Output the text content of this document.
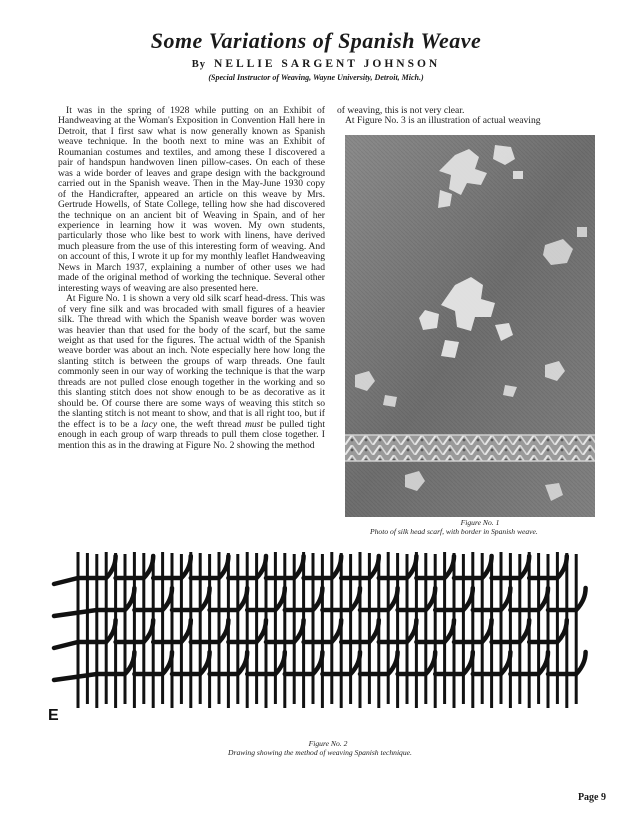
Some Variations of Spanish Weave
By NELLIE SARGENT JOHNSON
(Special Instructor of Weaving, Wayne University, Detroit, Mich.)

It was in the spring of 1928 while putting on an Exhibit of Handweaving at the Woman's Exposition in Convention Hall here in Detroit, that I first saw what is now generally known as Spanish weave technique. In the booth next to mine was an Exhibit of Roumanian costumes and textiles, and among these I discovered a pair of handspun handwoven linen pillow-cases. On each of these was a wide border of leaves and grape design with the background carried out in the Spanish weave. Then in the May-June 1930 copy of the Handicrafter, appeared an article on this weave by Mrs. Gertrude Howells, of State College, telling how she had discovered the technique on an ancient bit of Weaving in Spain, and of her experience in learning how it was woven. My own students, particularly those who like best to work with linens, have derived much pleasure from the use of this interesting form of weaving. And on account of this, I wrote it up for my monthly leaflet Handweaving News in March 1937, explaining a number of other uses we had made of the original method of working the technique. Several other interesting ways of weaving are also presented here.

At Figure No. 1 is shown a very old silk scarf head-dress. This was of very fine silk and was brocaded with small figures of a heavier silk. The thread with which the Spanish weave border was woven was heavier than that used for the body of the scarf, but the same weight as that used for the figures. The actual width of the Spanish weave border was about an inch. Note especially here how long the slanting stitch is between the groups of warp threads. One fault commonly seen in our way of working the technique is that the warp threads are not pulled close enough together in the working and so this slanting stitch does not show enough to be as decorative as it should be. Of course there are some ways of weaving this stitch so the slanting stitch is not meant to show, and that is all right too, but if the effect is to be a lacy one, the weft thread must be pulled tight enough in each group of warp threads to pull them close together. I mention this as in the drawing at Figure No. 2 showing the method

of weaving, this is not very clear.

At Figure No. 3 is an illustration of actual weaving

Figure No. 1
Photo of silk head scarf, with border in Spanish weave.
E
Figure No. 2
Drawing showing the method of weaving Spanish technique.
Page 9
